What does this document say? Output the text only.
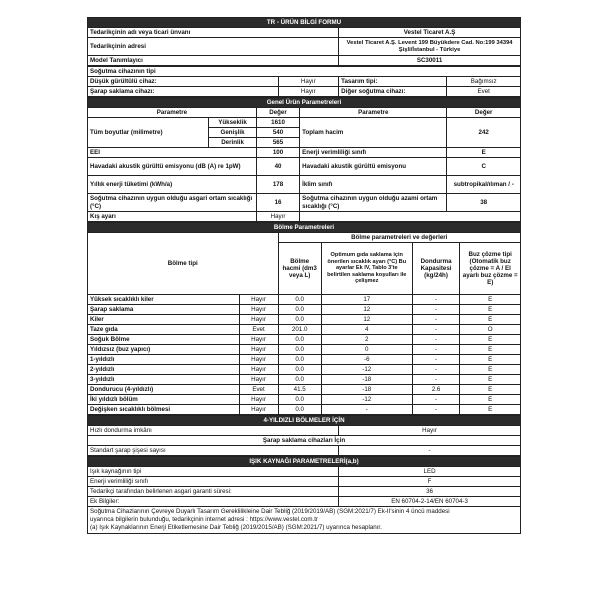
TR - ÜRÜN BİLGİ FORMU	
Tedarikçinin adı veya ticari ünvanı	Vestel Ticaret A.Ş
Tedarikçinin adresi	Vestel Ticaret A.Ş. Levent 199 Büyükdere Cad. No:199 34394 Şişli/İstanbul - Türkiye
Model Tanımlayıcı	SC30011
Soğutma cihazının tipi			
Düşük gürültülü cihaz:	Hayır	Tasarım tipi:	Bağımsız
Şarap saklama cihazı:	Hayır	Diğer soğutma cihazı:	Evet
Genel Ürün Parametreleri				
Parametre		Değer	Parametre	Değer
Tüm boyutlar (milimetre)	Yükseklik	1610	Toplam hacim	242
	Genişlik	540		
	Derinlik	565		
EEI		100	Enerji verimliliği sınıfı	E
Havadaki akustik gürültü emisyonu (dB (A) re 1pW)		40	Havadaki akustik gürültü emisyonu	C
Yıllık enerji tüketimi (kWh/a)		178	İklim sınıfı	subtropikal/ılıman / -
Soğutma cihazının uygun olduğu asgari ortam sıcaklığı (°C)		16	Soğutma cihazının uygun olduğu azami ortam sıcaklığı (°C)	38
Kış ayarı		Hayır		
Bölme Parametreleri					
Bölme tipi		Bölme parametreleri ve değerleri			
		Bölme hacmi (dm3 veya L)	Optimum gıda saklama için önerilen sıcaklık ayarı (°C) Bu ayarlar Ek IV, Tablo 3'te belirtilen saklama koşulları ile çelişmez	Dondurma Kapasitesi (kg/24h)	Buz çözme tipi (Otomatik buz çözme = A / El ayarlı buz çözme = E)
Yüksek sıcaklıklı kiler	Hayır	0.0	17	-	E
Şarap saklama	Hayır	0.0	12	-	E
Kiler	Hayır	0.0	12	-	E
Taze gıda	Evet	201.0	4	-	O
Soğuk Bölme	Hayır	0.0	2	-	E
Yıldızsız (buz yapıcı)	Hayır	0.0	0	-	E
1-yıldızlı	Hayır	0.0	-6	-	E
2-yıldızlı	Hayır	0.0	-12	-	E
3-yıldızlı	Hayır	0.0	-18	-	E
Dondurucu (4-yıldızlı)	Evet	41.5	-18	2.6	E
İki yıldızlı bölüm	Hayır	0.0	-12	-	E
Değişken sıcaklıklı bölmesi	Hayır	0.0	-	-	E
4-YILDIZLI BÖLMELER İÇİN	
Hızlı dondurma imkânı	Hayır
Şarap saklama cihazları İçin	
Standart şarap şişesi sayısı	-
IŞIK KAYNAĞI PARAMETRELERİ(a,b)	
Işık kaynağının tipi	LED
Enerji verimliliği sınıfı	F
Tedarikçi tarafından belirlenen asgari garanti süresi:	36
Ek Bilgiler:	EN 60704-2-14/EN 60704-3
Soğutma Cihazlarının Çevreye Duyarlı Tasarım Gereklilikleine Dair Tebliğ (2019/2019/AB) (SGM:2021/7) Ek-II'sinin 4 üncü maddesi
uyarınca bilgilerin bulunduğu, tedarikçinin internet adresi : https://www.vestel.com.tr
(a) Işık Kaynaklarının Enerji Etiketlemesine Dair Tebliğ (2019/2015/AB) (SGM:2021/7) uyarınca hesaplanır.
